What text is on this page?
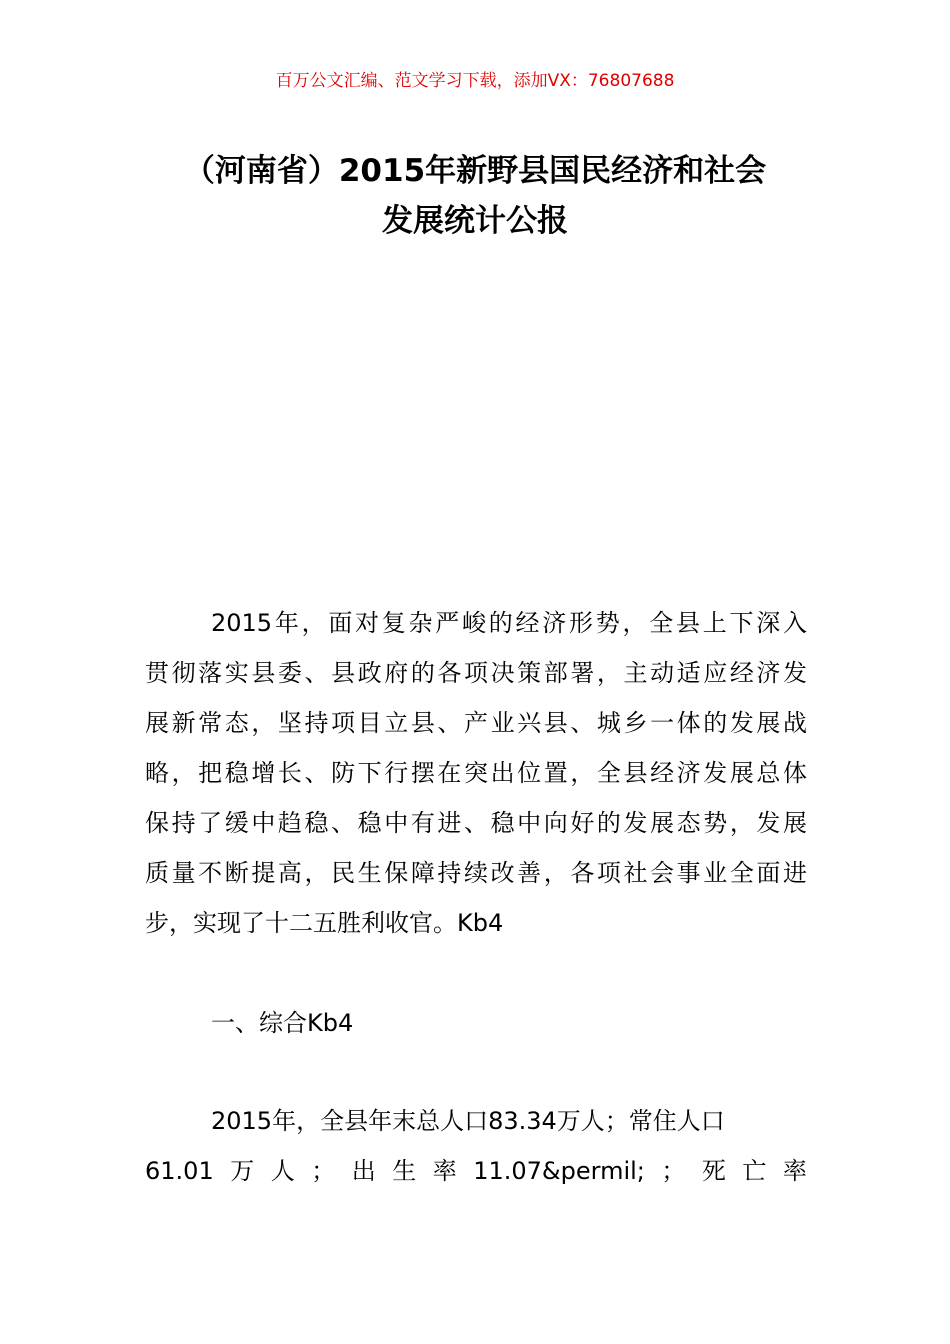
百万公文汇编、范文学习下载，添加VX：76807688
（河南省）2015年新野县国民经济和社会
发展统计公报
2015年，面对复杂严峻的经济形势，全县上下深入
贯彻落实县委、县政府的各项决策部署，主动适应经济发
展新常态，坚持项目立县、产业兴县、城乡一体的发展战
略，把稳增长、防下行摆在突出位置，全县经济发展总体
保持了缓中趋稳、稳中有进、稳中向好的发展态势，发展
质量不断提高，民生保障持续改善，各项社会事业全面进
步，实现了十二五胜利收官。Kb4
一、综合Kb4
2015年，全县年末总人口83.34万人；常住人口
61.01 万 人 ； 出 生 率 11.07&permil; ； 死 亡 率
